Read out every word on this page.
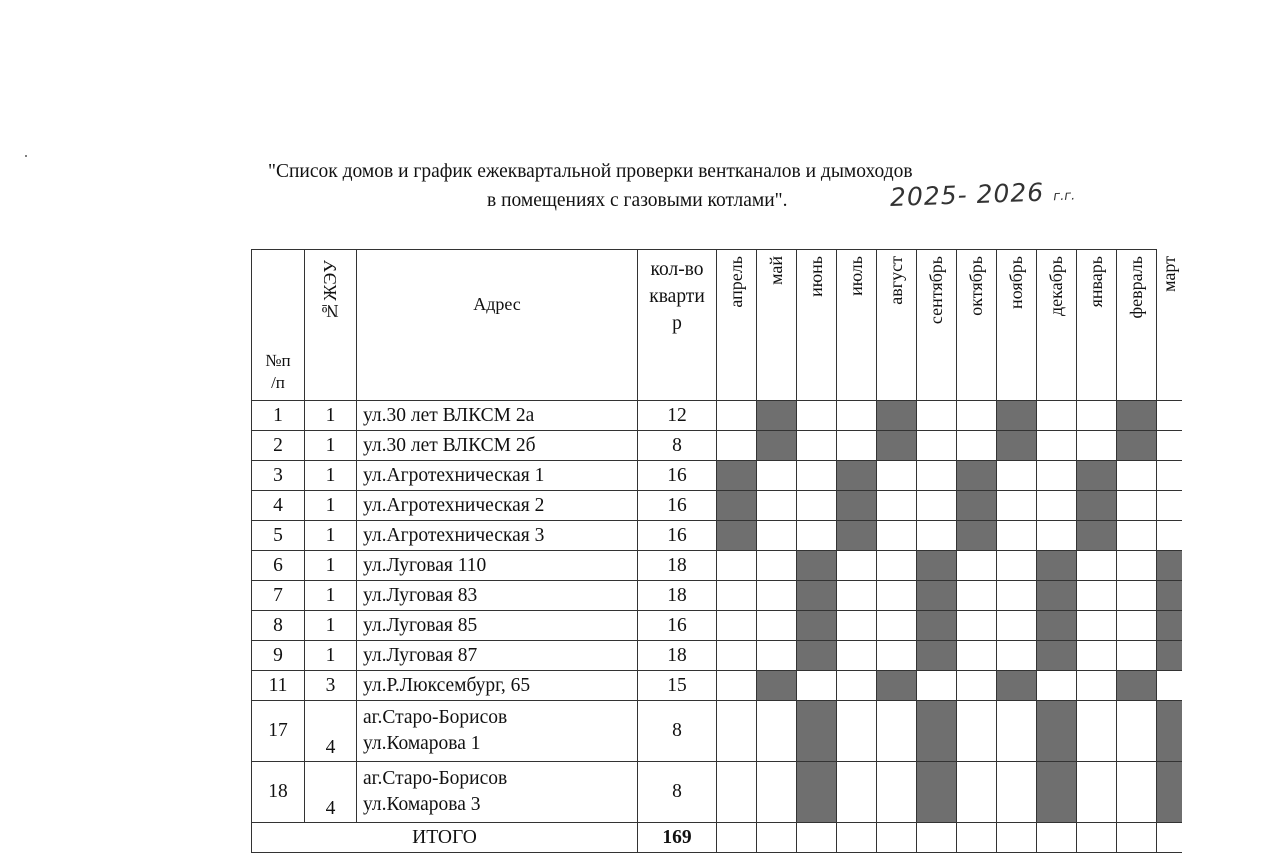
"Список домов и график ежеквартальной проверки вентканалов и дымоходов
в помещениях с газовыми котлами".	2025- 2026 г.г.
№п
/п	№ЖЭУ	Адрес	кол-во
кварти
р	апрель	май	июнь	июль	август	сентябрь	октябрь	ноябрь	декабрь	январь	февраль	март
1	1	ул.30 лет ВЛКСМ 2а	12												
2	1	ул.30 лет ВЛКСМ 2б	8												
3	1	ул.Агротехническая 1	16												
4	1	ул.Агротехническая 2	16												
5	1	ул.Агротехническая 3	16												
6	1	ул.Луговая 110	18												
7	1	ул.Луговая 83	18												
8	1	ул.Луговая 85	16												
9	1	ул.Луговая 87	18												
11	3	ул.Р.Люксембург, 65	15												
17	4	аг.Старо-Борисов
ул.Комарова 1	8												
18	4	аг.Старо-Борисов
ул.Комарова 3	8												
ИТОГО			169												
